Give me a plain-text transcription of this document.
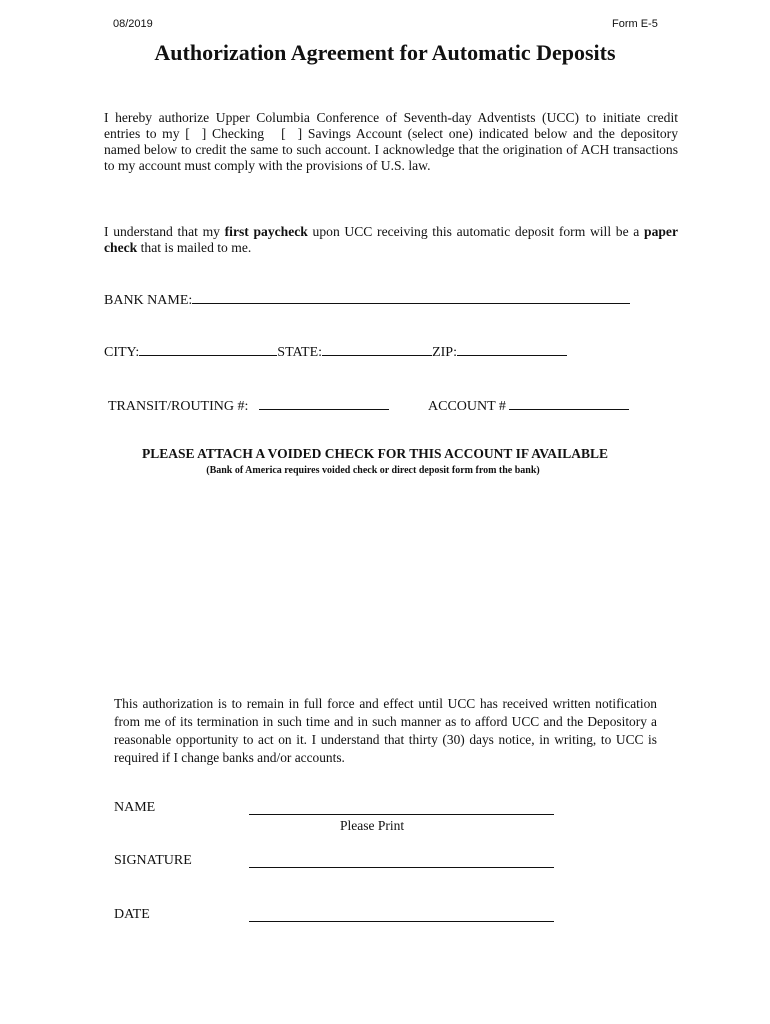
08/2019	Form E-5
Authorization Agreement for Automatic Deposits
I hereby authorize Upper Columbia Conference of Seventh-day Adventists (UCC) to initiate credit entries to my [ ] Checking [ ] Savings Account (select one) indicated below and the depository named below to credit the same to such account. I acknowledge that the origination of ACH transactions to my account must comply with the provisions of U.S. law.
I understand that my first paycheck upon UCC receiving this automatic deposit form will be a paper check that is mailed to me.
BANK NAME:
CITY:	STATE:	ZIP:
TRANSIT/ROUTING #:	ACCOUNT #
PLEASE ATTACH A VOIDED CHECK FOR THIS ACCOUNT IF AVAILABLE
(Bank of America requires voided check or direct deposit form from the bank)
This authorization is to remain in full force and effect until UCC has received written notification from me of its termination in such time and in such manner as to afford UCC and the Depository a reasonable opportunity to act on it. I understand that thirty (30) days notice, in writing, to UCC is required if I change banks and/or accounts.
NAME
Please Print
SIGNATURE
DATE
